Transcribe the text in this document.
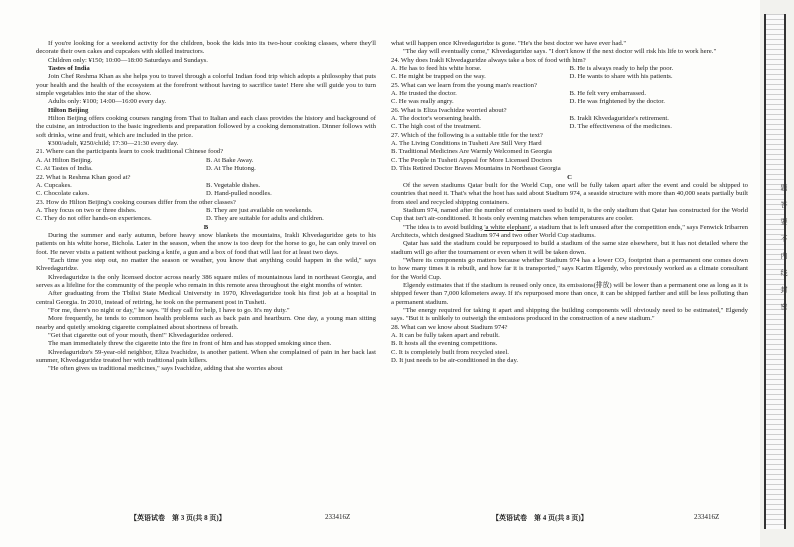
If you're looking for a weekend activity for the children, book the kids into its two-hour cooking classes, where they'll decorate their own cakes and cupcakes with skilled instructors.

Children only: ¥150; 10:00—18:00 Saturdays and Sundays.

Tastes of India

Join Chef Reshma Khan as she helps you to travel through a colorful Indian food trip which adopts a philosophy that puts your health and the health of the ecosystem at the forefront without having to sacrifice taste! Here she will guide you to turn simple vegetables into the star of the show.

Adults only: ¥100; 14:00—16:00 every day.

Hilton Beijing

Hilton Beijing offers cooking courses ranging from Thai to Italian and each class provides the history and background of the cuisine, an introduction to the basic ingredients and preparation followed by a cooking demonstration. Dinner follows with soft drinks, wine and fruit, which are included in the price.

¥300/adult, ¥250/child; 17:30—21:30 every day.

21. Where can the participants learn to cook traditional Chinese food?

A. At Hilton Beijing.	B. At Bake Away.
C. At Tastes of India.	D. At The Hutong.

22. What is Reshma Khan good at?

A. Cupcakes.	B. Vegetable dishes.
C. Chocolate cakes.	D. Hand-pulled noodles.

23. How do Hilton Beijing's cooking courses differ from the other classes?

A. They focus on two or three dishes.	B. They are just available on weekends.
C. They do not offer hands-on experiences.	D. They are suitable for adults and children.

B

During the summer and early autumn, before heavy snow blankets the mountains, Irakli Khvedaguridze gets to his patients on his white horse, Bichola. Later in the season, when the snow is too deep for the horse to go, he can only travel on foot. He never visits a patient without packing a knife, a gun and a box of food that will last for at least two days.

"Each time you step out, no matter the season or weather, you know that anything could happen in the wild," says Khvedaguridze.

Khvedaguridze is the only licensed doctor across nearly 386 square miles of mountainous land in northeast Georgia, and serves as a lifeline for the community of the people who remain in this remote area throughout the eight months of winter.

After graduating from the Tbilisi State Medical University in 1970, Khvedaguridze took his first job at a hospital in central Georgia. In 2010, instead of retiring, he took on the permanent post in Tusheti.

"For me, there's no night or day," he says. "If they call for help, I have to go. It's my duty."

More frequently, he tends to common health problems such as back pain and heartburn. One day, a young man sitting nearby and quietly smoking cigarette complained about shortness of breath.

"Get that cigarette out of your mouth, then!" Khvedaguridze ordered.

The man immediately threw the cigarette into the fire in front of him and has stopped smoking since then.

Khvedaguridze's 59-year-old neighbor, Eliza Ivachidze, is another patient. When she complained of pain in her back last summer, Khvedaguridze treated her with traditional pain killers.

"He often gives us traditional medicines," says Ivachidze, adding that she worries about

【英语试卷　第 3 页(共 8 页)】	233416Z

what will happen once Khvedaguridze is gone. "He's the best doctor we have ever had."

"The day will eventually come," Khvedaguridze says. "I don't know if the next doctor will risk his life to work here."

24. Why does Irakli Khvedaguridze always take a box of food with him?

A. He has to feed his white horse.	B. He is always ready to help the poor.
C. He might be trapped on the way.	D. He wants to share with his patients.

25. What can we learn from the young man's reaction?

A. He trusted the doctor.	B. He felt very embarrassed.
C. He was really angry.	D. He was frightened by the doctor.

26. What is Eliza Ivachidze worried about?

A. The doctor's worsening health.	B. Irakli Khvedaguridze's retirement.
C. The high cost of the treatment.	D. The effectiveness of the medicines.

27. Which of the following is a suitable title for the text?

A. The Living Conditions in Tusheti Are Still Very Hard

B. Traditional Medicines Are Warmly Welcomed in Georgia

C. The People in Tusheti Appeal for More Licensed Doctors

D. This Retired Doctor Braves Mountains in Northeast Georgia

C

Of the seven stadiums Qatar built for the World Cup, one will be fully taken apart after the event and could be shipped to countries that need it. That's what the host has said about Stadium 974, a seaside structure with more than 40,000 seats partially built from steel and recycled shipping containers.

Stadium 974, named after the number of containers used to build it, is the only stadium that Qatar has constructed for the World Cup that isn't air-conditioned. It hosts only evening matches when temperatures are cooler.

"The idea is to avoid building 'a white elephant', a stadium that is left unused after the competition ends," says Fenwick Iribarren Architects, which designed Stadium 974 and two other World Cup stadiums.

Qatar has said the stadium could be repurposed to build a stadium of the same size elsewhere, but it has not detailed where the stadium will go after the tournament or even when it will be taken down.

"Where its components go matters because whether Stadium 974 has a lower CO₂ footprint than a permanent one comes down to how many times it is rebuilt, and how far it is transported," says Karim Elgendy, who previously worked as a climate consultant for the World Cup.

Elgendy estimates that if the stadium is reused only once, its emissions(排放) will be lower than a permanent one as long as it is shipped fewer than 7,000 kilometers away. If it's repurposed more than once, it can be shipped farther and still be less polluting than a permanent stadium.

"The energy required for taking it apart and shipping the building components will obviously need to be estimated," Elgendy says. "But it is unlikely to outweigh the emissions produced in the construction of a new stadium."

28. What can we know about Stadium 974?

A. It can be fully taken apart and rebuilt.

B. It hosts all the evening competitions.

C. It is completely built from recycled steel.

D. It just needs to be air-conditioned in the day.

【英语试卷　第 4 页(共 8 页)】	233416Z
题
答
要
不
内
线
封
密
